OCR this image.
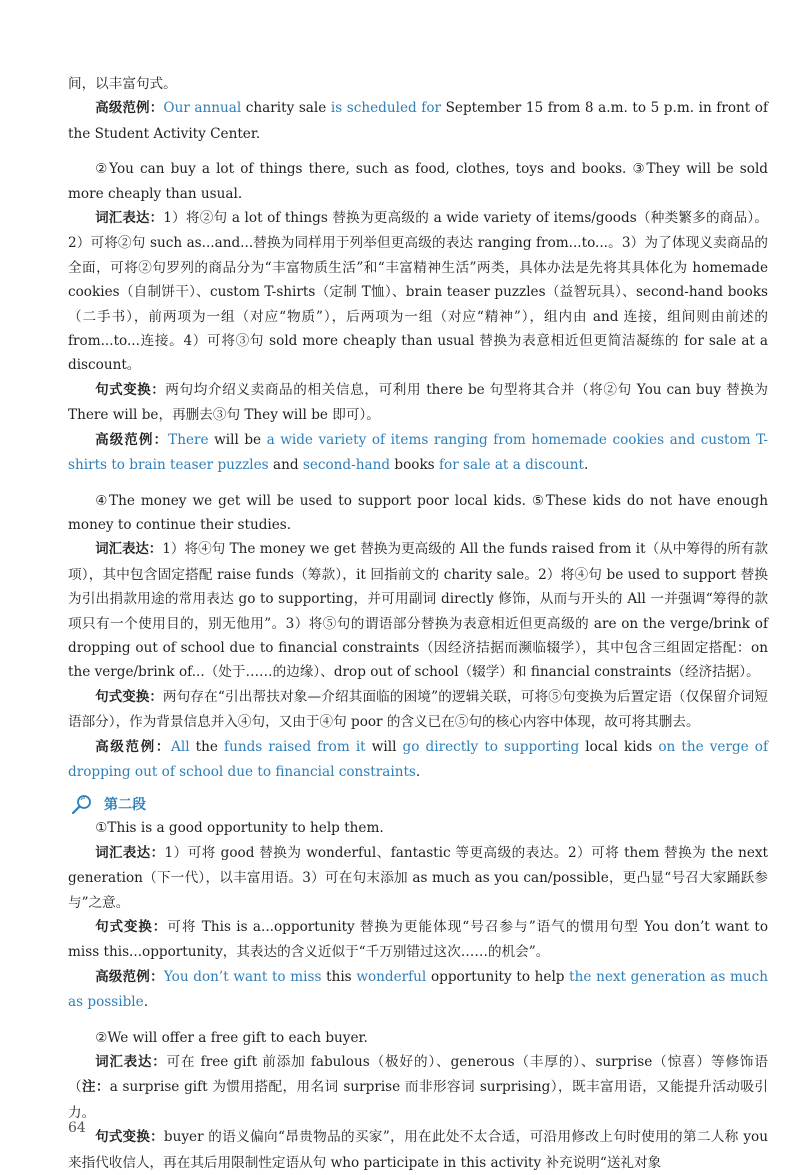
间，以丰富句式。

高级范例：Our annual charity sale is scheduled for September 15 from 8 a.m. to 5 p.m. in front of the Student Activity Center.

②You can buy a lot of things there, such as food, clothes, toys and books. ③They will be sold more cheaply than usual.

词汇表达：1）将②句 a lot of things 替换为更高级的 a wide variety of items/goods（种类繁多的商品）。2）可将②句 such as...and...替换为同样用于列举但更高级的表达 ranging from...to...。3）为了体现义卖商品的全面，可将②句罗列的商品分为“丰富物质生活”和“丰富精神生活”两类，具体办法是先将其具体化为 homemade cookies（自制饼干）、custom T-shirts（定制 T恤）、brain teaser puzzles（益智玩具）、second-hand books（二手书），前两项为一组（对应“物质”），后两项为一组（对应“精神”），组内由 and 连接，组间则由前述的 from...to...连接。4）可将③句 sold more cheaply than usual 替换为表意相近但更简洁凝练的 for sale at a discount。

句式变换：两句均介绍义卖商品的相关信息，可利用 there be 句型将其合并（将②句 You can buy 替换为 There will be，再删去③句 They will be 即可）。

高级范例：There will be a wide variety of items ranging from homemade cookies and custom T-shirts to brain teaser puzzles and second-hand books for sale at a discount.

④The money we get will be used to support poor local kids. ⑤These kids do not have enough money to continue their studies.

词汇表达：1）将④句 The money we get 替换为更高级的 All the funds raised from it（从中筹得的所有款项），其中包含固定搭配 raise funds（筹款），it 回指前文的 charity sale。2）将④句 be used to support 替换为引出捐款用途的常用表达 go to supporting，并可用副词 directly 修饰，从而与开头的 All 一并强调“筹得的款项只有一个使用目的，别无他用”。3）将⑤句的谓语部分替换为表意相近但更高级的 are on the verge/brink of dropping out of school due to financial constraints（因经济拮据而濒临辍学），其中包含三组固定搭配：on the verge/brink of...（处于……的边缘）、drop out of school（辍学）和 financial constraints（经济拮据）。

句式变换：两句存在“引出帮扶对象—介绍其面临的困境”的逻辑关联，可将⑤句变换为后置定语（仅保留介词短语部分），作为背景信息并入④句，又由于④句 poor 的含义已在⑤句的核心内容中体现，故可将其删去。

高级范例：All the funds raised from it will go directly to supporting local kids on the verge of dropping out of school due to financial constraints.

第二段

①This is a good opportunity to help them.

词汇表达：1）可将 good 替换为 wonderful、fantastic 等更高级的表达。2）可将 them 替换为 the next generation（下一代），以丰富用语。3）可在句末添加 as much as you can/possible，更凸显“号召大家踊跃参与”之意。

句式变换：可将 This is a...opportunity 替换为更能体现“号召参与”语气的惯用句型 You don’t want to miss this...opportunity，其表达的含义近似于“千万别错过这次……的机会”。

高级范例：You don’t want to miss this wonderful opportunity to help the next generation as much as possible.

②We will offer a free gift to each buyer.

词汇表达：可在 free gift 前添加 fabulous（极好的）、generous（丰厚的）、surprise（惊喜）等修饰语（注：a surprise gift 为惯用搭配，用名词 surprise 而非形容词 surprising），既丰富用语，又能提升活动吸引力。

句式变换：buyer 的语义偏向“昂贵物品的买家”，用在此处不太合适，可沿用修改上句时使用的第二人称 you 来指代收信人，再在其后用限制性定语从句 who participate in this activity 补充说明“送礼对象

64
